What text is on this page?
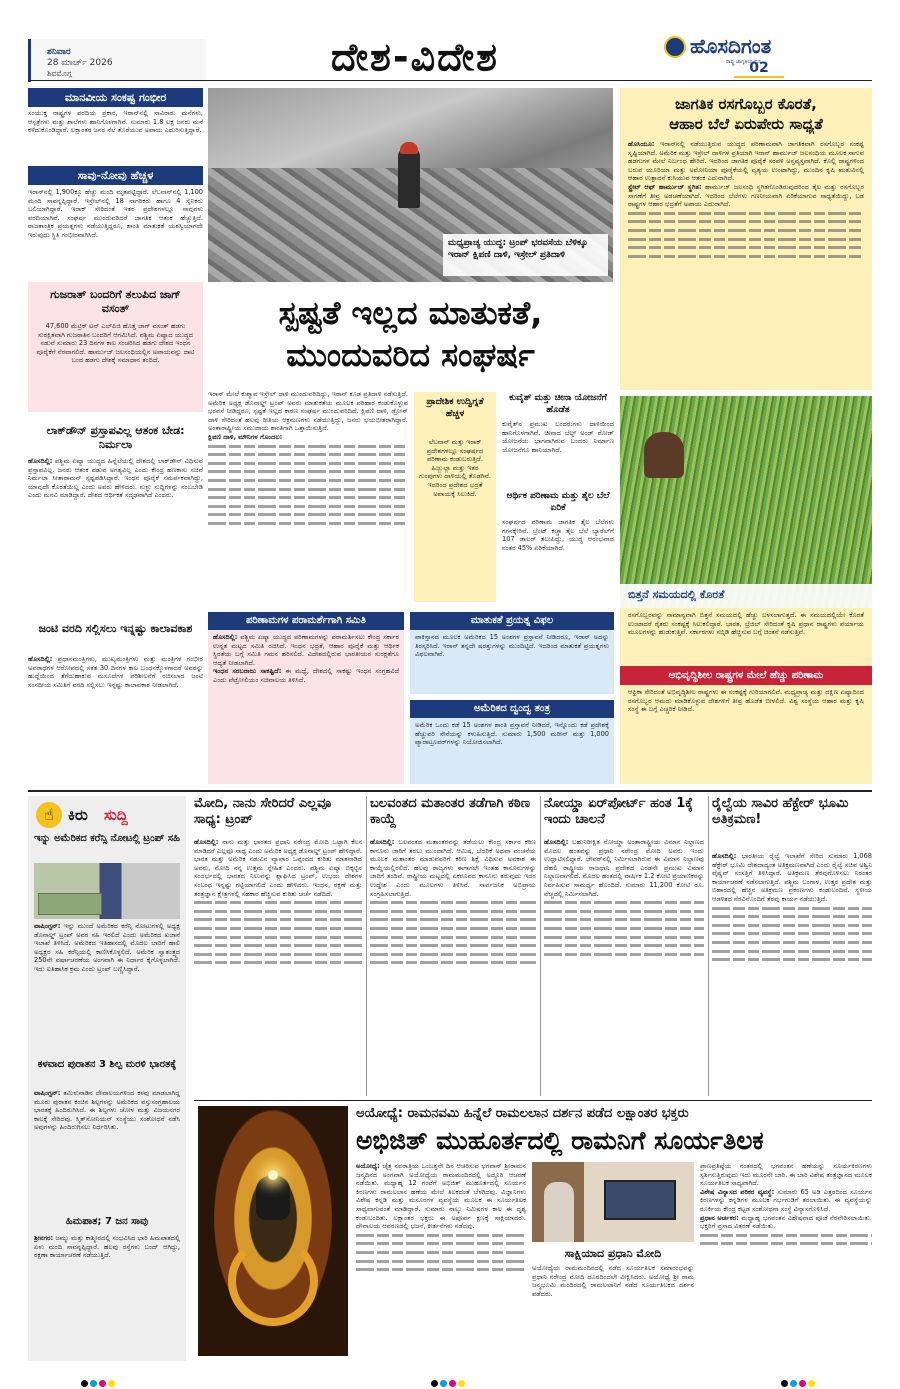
ಶನಿವಾರ
28 ಮಾರ್ಚ್ 2026
ಶಿವಮೊಗ್ಗ	ದೇಶ-ವಿದೇಶ	ಹೊಸದಿಗಂತ
ರಾಷ್ಟ್ರ ಜಾಗೃತಿಯ ಧ್ವನಿ
02
ಮಾನವೀಯ ಸಂಕಷ್ಟ ಗಂಭೀರ
ಸಂಯುಕ್ತ ರಾಷ್ಟ್ರಗಳ ವರದಿಯ ಪ್ರಕಾರ, ಇರಾನ್‌ನಲ್ಲಿ ಸಾವಿರಾರು ಮನೆಗಳು, ಆಸ್ಪತ್ರೆಗಳು ಮತ್ತು ಶಾಲೆಗಳು ಹಾನಿಗೊಳಗಾಗಿವೆ. ಸುಮಾರು 1.8 ಲಕ್ಷ ಜನರು ಮನೆ ಕಳೆದುಕೊಂಡಿದ್ದಾರೆ. ಲಕ್ಷಾಂತರ ಜನರ ನೆಲೆ ತೊರೆಯುವ ಅಪಾಯ ಎದುರಿಸುತ್ತಿದ್ದಾರೆ.
ಸಾವು-ನೋವು ಹೆಚ್ಚಳ
ಇರಾನ್‌ನಲ್ಲಿ 1,900ಕ್ಕೂ ಹೆಚ್ಚು ಮಂದಿ ಮೃತಪಟ್ಟಿದ್ದಾರೆ. ಲೆಬನಾನ್‌ನಲ್ಲಿ 1,100 ಮಂದಿ ಸಾವನ್ನಪ್ಪಿದ್ದಾರೆ. ಇಸ್ರೇಲ್‌ನಲ್ಲಿ 18 ನಾಗರಿಕರು ಹಾಗೂ 4 ಸೈನಿಕರು ಬಲಿಯಾಗಿದ್ದಾರೆ. ಇರಾಕ್ ಸೇರಿದಂತೆ ಇತರ ಪ್ರದೇಶಗಳಲ್ಲೂ ಸಾವುಗಳು ವರದಿಯಾಗಿವೆ. ಸಂಘರ್ಷ ಮುಂದುವರಿದರೆ ಜಾಗತಿಕ ಆತಂಕ ಹೆಚ್ಚುತ್ತಿದೆ. ರಾಜತಾಂತ್ರಿಕ ಪ್ರಯತ್ನಗಳು ನಡೆಯುತ್ತಿದ್ದರೂ, ಶಾಂತಿ ಮಾತುಕತೆ ಯಶಸ್ವಿಯಾಗದೇ ಇರುವುದು ಸ್ಥಿತಿ ಗಂಭೀರವಾಗಿಸಿದೆ.
ಗುಜರಾತ್ ಬಂದರಿಗೆ ತಲುಪಿದ ಜಾಗ್ ವಸಂತ್
47,600 ಮೆಟ್ರಿಕ್ ಟನ್ ಎಲ್‌ಪಿಜಿ ಹೊತ್ತ ಜಾಗ್ ವಸಂತ್ ಹಡಗು ಸುರಕ್ಷಿತವಾಗಿ ಗುಜರಾತಿನ ಬಂದರಿಗೆ ಆಗಮಿಸಿದೆ. ಪಶ್ಚಿಮ ಏಷ್ಯಾದ ಯುದ್ಧದ ನಡುವೆ ಸುಮಾರು 23 ದಿನಗಳ ಕಾಲ ಸಂಚರಿಸಿದ ಹಡಗು ದೇಶದ ಇಂಧನ ಪೂರೈಕೆಗೆ ನೆರವಾಗಲಿದೆ. ಹಾರ್ಮುಜ್ ಜಲಸಂಧಿಯಲ್ಲಿನ ಅಪಾಯವನ್ನು ದಾಟಿ ಬಂದ ಹಡಗು ದೇಶಕ್ಕೆ ಸಮಾಧಾನ ತಂದಿದೆ.
ಲಾಕ್‌ಡೌನ್ ಪ್ರಸ್ತಾಪವಿಲ್ಲ ಆತಂಕ ಬೇಡ: ನಿರ್ಮಲಾ
ಹೊಸದಿಲ್ಲಿ: ಪಶ್ಚಿಮ ಏಷ್ಯಾ ಯುದ್ಧದ ಹಿನ್ನೆಲೆಯಲ್ಲಿ ದೇಶದಲ್ಲಿ ಲಾಕ್‌ಡೌನ್ ವಿಧಿಸುವ ಪ್ರಸ್ತಾಪವಿಲ್ಲ. ಜನರು ಆತಂಕ ಪಡುವ ಅಗತ್ಯವಿಲ್ಲ ಎಂದು ಕೇಂದ್ರ ಹಣಕಾಸು ಸಚಿವೆ ನಿರ್ಮಲಾ ಸೀತಾರಾಮನ್ ಸ್ಪಷ್ಟಪಡಿಸಿದ್ದಾರೆ. ಇಂಧನ ಪೂರೈಕೆ ಸಮರ್ಪಕವಾಗಿದ್ದು, ಯಾವುದೇ ಕೊರತೆಯಿಲ್ಲ ಎಂದು ಅವರು ಹೇಳಿದರು. ಸುಳ್ಳು ಸುದ್ದಿಗಳನ್ನು ನಂಬಬೇಡಿ ಎಂದು ಮನವಿ ಮಾಡಿದ್ದಾರೆ. ದೇಶದ ಆರ್ಥಿಕತೆ ಸದೃಢವಾಗಿದೆ ಎಂದರು.
ಜಂಟಿ ವರದಿ ಸಲ್ಲಿಸಲು ಇನ್ನಷ್ಟು ಕಾಲಾವಕಾಶ
ಹೊಸದಿಲ್ಲಿ: ಪ್ರಧಾನಮಂತ್ರಿಗಳು, ಮುಖ್ಯಮಂತ್ರಿಗಳು ಮತ್ತು ಮಂತ್ರಿಗಳ ಗಂಭೀರ ಅಪರಾಧಗಳ ಆರೋಪದಲ್ಲಿ ಸತತ 30 ದಿನಗಳ ಕಾಲ ಬಂಧನಕ್ಕೊಳಗಾದರೆ ಅವರನ್ನು ಹುದ್ದೆಯಿಂದ ತೆಗೆದುಹಾಕುವ ಮಸೂದೆಗಳ ಪರಿಶೀಲನೆಗೆ ರಚಿಸಲಾದ ಜಂಟಿ ಸಂಸದೀಯ ಸಮಿತಿಗೆ ವರದಿ ಸಲ್ಲಿಸಲು ಇನ್ನಷ್ಟು ಕಾಲಾವಕಾಶ ನೀಡಲಾಗಿದೆ.
ಮಧ್ಯಪ್ರಾಚ್ಯ ಯುದ್ಧ: ಟ್ರಂಪ್ ಭರವಸೆಯ ಬೆಳಿಕ್ಕೂ ಇರಾನ್ ಕ್ಷಿಪಣಿ ದಾಳಿ, ಇಸ್ರೇಲ್ ಪ್ರತಿದಾಳಿ
ಸ್ಪಷ್ಟತೆ ಇಲ್ಲದ ಮಾತುಕತೆ,
ಮುಂದುವರಿದ ಸಂಘರ್ಷ
ಇರಾನ್ ಮೇಲೆ ಕುಶ್ಮಾವ ಇಸ್ರೇಲ್ ದಾಳಿ ಮುಂದುವರಿದಿದ್ದು, ಇರಾನ್ ಕೂಡ ಪ್ರತಿದಾಳಿ ನಡೆಸುತ್ತಿದೆ. ಅಮೆರಿಕ ಅಧ್ಯಕ್ಷ ಡೊನಾಲ್ಡ್ ಟ್ರಂಪ್ ಅವರು ಮಾತುಕತೆಯ ಮೂಲಕ ಪರಿಹಾರ ಕಂಡುಕೊಳ್ಳುವ ಭರವಸೆ ನೀಡಿದ್ದರೂ, ಸ್ಪಷ್ಟತೆ ಇಲ್ಲದ ಕಾರಣ ಸಂಘರ್ಷ ಮುಂದುವರಿದಿದೆ. ಕ್ಷಿಪಣಿ ದಾಳಿ, ಡ್ರೋನ್ ದಾಳಿ ಸೇರಿದಂತೆ ಹಲವು ರೀತಿಯ ಆಕ್ರಮಣಗಳು ನಡೆಯುತ್ತಿದ್ದು, ಜನರು ಭಯಭೀತರಾಗಿದ್ದಾರೆ. ಅಂತಾರಾಷ್ಟ್ರೀಯ ಸಮುದಾಯ ಶಾಂತಿಗಾಗಿ ಒತ್ತಾಯಿಸುತ್ತಿದೆ.
ಕ್ಷಿಪಣಿ ದಾಳಿ, ಮೌನಿಗಳ ಗೊಂದಲ:
ಪ್ರಾದೇಶಿಕ ಉದ್ವಿಗ್ನತೆ ಹೆಚ್ಚಳ
ಲೆಬನಾನ್ ಮತ್ತು ಇರಾಕ್ ಪ್ರದೇಶಗಳಲ್ಲೂ ಸಂಘರ್ಷದ ಪರಿಣಾಮ ಕಂಡುಬರುತ್ತಿದೆ. ಹಿಜ್ಬುಲ್ಲಾ ಮತ್ತು ಇತರ ಗುಂಪುಗಳು ದಾಳಿಯಲ್ಲಿ ತೊಡಗಿವೆ. ಇದರಿಂದ ಪ್ರದೇಶದ ಭದ್ರತೆ ಅಪಾಯಕ್ಕೆ ಸಿಲುಕಿದೆ.
ಕುವೈತ್ ಮತ್ತು ಚೀನಾ ಯೋಜನೆಗೆ ಹೊಡೆತ
ಕುವೈತ್‌ನ ಪ್ರಮುಖ ಬಂದರುಗಳು ದಾಳಿಯಿಂದ ಹಾನಿಗೊಳಗಾಗಿವೆ. ಚೀನಾದ ಬೆಲ್ಟ್ ಅಂಡ್ ರೋಡ್ ಯೋಜನೆಯ ಭಾಗವಾಗಿರುವ ಬಂದರು ನಿರ್ಮಾಣ ಯೋಜನೆಗೂ ಹಾನಿಯಾಗಿದೆ.
ಆರ್ಥಿಕ ಪರಿಣಾಮ ಮತ್ತು ತೈಲ ಬೆಲೆ ಏರಿಕೆ
ಸಂಘರ್ಷದ ಪರಿಣಾಮ ಜಾಗತಿಕ ತೈಲ ಬೆಲೆಗಳು ಗಗನಕ್ಕೇರಿವೆ. ಬ್ರೆಂಟ್ ಕಚ್ಚಾ ತೈಲ ಬೆಲೆ ಬ್ಯಾರೆಲ್‌ಗೆ 107 ಡಾಲರ್ ತಲುಪಿದ್ದು, ಯುದ್ಧ ಆರಂಭವಾದ ನಂತರ 45% ಏರಿಕೆಯಾಗಿದೆ.
ಪರಿಣಾಮಗಳ ಪರಾಮರ್ಶೆಗಾಗಿ ಸಮಿತಿ
ಹೊಸದಿಲ್ಲಿ: ಪಶ್ಚಿಮ ಏಷ್ಯಾ ಯುದ್ಧದ ಪರಿಣಾಮಗಳನ್ನು ಪರಾಮರ್ಶಿಸಲು ಕೇಂದ್ರ ಸರ್ಕಾರ ಉನ್ನತ ಮಟ್ಟದ ಸಮಿತಿ ರಚಿಸಿದೆ. ಇಂಧನ ಭದ್ರತೆ, ಆಹಾರ ಪೂರೈಕೆ ಮತ್ತು ಆರ್ಥಿಕ ಸ್ಥಿರತೆಯ ಬಗ್ಗೆ ಸಮಿತಿ ಗಮನ ಹರಿಸಲಿದೆ. ವಿದೇಶದಲ್ಲಿರುವ ಭಾರತೀಯರ ಸುರಕ್ಷತೆಗೂ ಆದ್ಯತೆ ನೀಡಲಾಗಿದೆ.
ಇಂಧನ ಸರಬರಾಜು ಸಾಕಷ್ಟಿದೆ: ಈ ಮಧ್ಯೆ, ದೇಶದಲ್ಲಿ ಸಾಕಷ್ಟು ಇಂಧನ ಸಂಗ್ರಹವಿದೆ ಎಂದು ಪೆಟ್ರೋಲಿಯಂ ಸಚಿವಾಲಯ ತಿಳಿಸಿದೆ.
ಮಾತುಕತೆ ಪ್ರಯತ್ನ ವಿಫಲ
ಪಾಕಿಸ್ತಾನದ ಮೂಲಕ ಅಮೆರಿಕದ 15 ಅಂಶಗಳ ಪ್ರಸ್ತಾವನೆ ನೀಡಿದರೂ, ಇರಾನ್ ಅದನ್ನು ತಿರಸ್ಕರಿಸಿದೆ. ಇರಾನ್ ತನ್ನದೇ ಷರತ್ತುಗಳನ್ನು ಮುಂದಿಟ್ಟಿದೆ. ಇದರಿಂದ ಮಾತುಕತೆ ಪ್ರಯತ್ನಗಳು ವಿಫಲವಾಗಿವೆ.
ಅಮೆರಿಕದ ದ್ವಂದ್ವ ತಂತ್ರ
ಅಮೆರಿಕ ಒಂದು ಕಡೆ 15 ಅಂಶಗಳ ಶಾಂತಿ ಪ್ರಸ್ತಾವನೆ ನೀಡಿದರೆ, ಇನ್ನೊಂದು ಕಡೆ ಪ್ರದೇಶಕ್ಕೆ ಹೆಚ್ಚುವರಿ ಸೇನೆಯನ್ನು ಕಳುಹಿಸುತ್ತಿದೆ. ಸುಮಾರು 1,500 ಮರೀನ್ ಮತ್ತು 1,000 ಪ್ಯಾರಾಟ್ರೂಪರ್‌ಗಳನ್ನು ನಿಯೋಜಿಸಲಾಗಿದೆ.
ಜಾಗತಿಕ ರಸಗೊಬ್ಬರ ಕೊರತೆ,
ಆಹಾರ ಬೆಲೆ ಏರುಪೇರು ಸಾಧ್ಯತೆ
ಹೊಸಿಯೂ: ಇರಾನ್‌ನಲ್ಲಿ ನಡೆಯುತ್ತಿರುವ ಯುದ್ಧದ ಪರಿಣಾಮವಾಗಿ ಜಾಗತಿಕವಾಗಿ ರಸಗೊಬ್ಬರ ಸಂಕಷ್ಟ ಸೃಷ್ಟಿಯಾಗಿದೆ. ಅಮೆರಿಕ ಮತ್ತು ಇಸ್ರೇಲ್ ದಾಳಿಗಳ ಪ್ರತಿಯಾಗಿ ಇರಾನ್ ಹಾರ್ಮುಜ್ ಜಲಸಂಧಿಯ ಮೂಲಕ ಸಾಗುವ ಹಡಗುಗಳ ಮೇಲೆ ನಿರ್ಬಂಧ ಹೇರಿದೆ. ಇದರಿಂದ ಜಾಗತಿಕ ಪೂರೈಕೆ ಸರಪಳಿ ಅಸ್ತವ್ಯಸ್ತವಾಗಿದೆ. ಕೊಲ್ಲಿ ರಾಷ್ಟ್ರಗಳಿಂದ ಬರುವ ಯೂರಿಯಾ ಮತ್ತು ಅಮೋನಿಯಾ ಪೂರೈಕೆಯಲ್ಲಿ ವ್ಯತ್ಯಯ ಉಂಟಾಗಿದ್ದು, ಮುಂದಿನ ಕೃಷಿ ಋತುವಿನಲ್ಲಿ ಆಹಾರ ಉತ್ಪಾದನೆ ಕುಸಿಯುವ ಆತಂಕ ಎದುರಾಗಿದೆ.
ಸ್ಟ್ರೇಟ್ ಆಫ್ ಹಾರ್ಮುಜ್ ಸ್ಥಗಿತ: ಹಾರ್ಮುಜ್ ಜಲಸಂಧಿ ಸ್ಥಗಿತಗೊಂಡಿರುವುದರಿಂದ ತೈಲ ಮತ್ತು ರಸಗೊಬ್ಬರ ಸಾಗಣೆಗೆ ತೀವ್ರ ಅಡಚಣೆಯಾಗಿದೆ. ಇದರಿಂದ ಬೆಲೆಗಳು ಗಣನೀಯವಾಗಿ ಏರಿಕೆಯಾಗುವ ಸಾಧ್ಯತೆಯಿದ್ದು, ಬಡ ರಾಷ್ಟ್ರಗಳ ಆಹಾರ ಭದ್ರತೆಗೆ ಅಪಾಯ ಎದುರಾಗಿದೆ.
ಬಿತ್ತನೆ ಸಮಯದಲ್ಲಿ ಕೊರತೆ
ರಸಗೊಬ್ಬರವನ್ನು ಸಾಮಾನ್ಯವಾಗಿ ಬಿತ್ತನೆ ಸಮಯದಲ್ಲಿ ಹೆಚ್ಚು ಬಳಸಲಾಗುತ್ತದೆ. ಈ ಸಮಯದಲ್ಲಿಯೇ ಕೊರತೆ ಉಂಟಾದರೆ ರೈತರು ಸಂಕಷ್ಟಕ್ಕೆ ಸಿಲುಕಲಿದ್ದಾರೆ. ಭಾರತ, ಬ್ರೆಜಿಲ್ ಸೇರಿದಂತೆ ಕೃಷಿ ಪ್ರಧಾನ ರಾಷ್ಟ್ರಗಳು ಪರ್ಯಾಯ ಮೂಲಗಳನ್ನು ಹುಡುಕುತ್ತಿವೆ. ಸರ್ಕಾರಗಳು ಸಬ್ಸಿಡಿ ಹೆಚ್ಚಿಸುವ ಬಗ್ಗೆ ಚಿಂತನೆ ನಡೆಸುತ್ತಿವೆ.
ಅಭಿವೃದ್ಧಿಶೀಲ ರಾಷ್ಟ್ರಗಳ ಮೇಲೆ ಹೆಚ್ಚು ಪರಿಣಾಮ
ಆಫ್ರಿಕಾ ಸೇರಿದಂತೆ ಅಭಿವೃದ್ಧಿಶೀಲ ರಾಷ್ಟ್ರಗಳು ಈ ಸಂಕಷ್ಟಕ್ಕೆ ಗುರಿಯಾಗಲಿವೆ. ಮಧ್ಯಪ್ರಾಚ್ಯ ಮತ್ತು ದಕ್ಷಿಣ ಏಷ್ಯಾದಿಂದ ರಸಗೊಬ್ಬರ ಆಮದು ಮಾಡಿಕೊಳ್ಳುವ ದೇಶಗಳಿಗೆ ತೀವ್ರ ಹೊಡೆತ ಬೀಳಲಿದೆ. ವಿಶ್ವ ಸಂಸ್ಥೆಯ ಆಹಾರ ಮತ್ತು ಕೃಷಿ ಸಂಸ್ಥೆ ಈ ಬಗ್ಗೆ ಎಚ್ಚರಿಕೆ ನೀಡಿದೆ.
☝ ಕಿರು ಸುದ್ದಿ
ಇನ್ನು ಅಮೆರಿಕದ ಕರೆನ್ಸಿ ನೋಟಲ್ಲಿ ಟ್ರಂಪ್ ಸಹಿ
ವಾಷಿಂಗ್ಟನ್: ಇನ್ನು ಮುಂದೆ ಅಮೆರಿಕದ ಕರೆನ್ಸಿ ನೋಟುಗಳಲ್ಲಿ ಅಧ್ಯಕ್ಷ ಡೊನಾಲ್ಡ್ ಟ್ರಂಪ್ ಅವರ ಸಹಿ ಇರಲಿದೆ ಎಂದು ಅಮೆರಿಕದ ಖಜಾನೆ ಇಲಾಖೆ ತಿಳಿಸಿದೆ. ಅಮೆರಿಕದ ಇತಿಹಾಸದಲ್ಲಿ ಮೊದಲ ಬಾರಿಗೆ ಹಾಲಿ ಅಧ್ಯಕ್ಷರ ಸಹಿ ಕರೆನ್ಸಿಯಲ್ಲಿ ಕಾಣಿಸಿಕೊಳ್ಳಲಿದೆ. ಅಮೆರಿಕ ಸ್ವಾತಂತ್ರ್ಯದ 250ನೇ ವರ್ಷಾಚರಣೆಯ ಅಂಗವಾಗಿ ಈ ನಿರ್ಧಾರ ಕೈಗೊಳ್ಳಲಾಗಿದೆ. ಇದು ಐತಿಹಾಸಿಕ ಕ್ರಮ ಎಂದು ಟ್ರಂಪ್ ಬಣ್ಣಿಸಿದ್ದಾರೆ.
ಕಳವಾದ ಪುರಾತನ 3 ಶಿಲ್ಪ ಮರಳಿ ಭಾರತಕ್ಕೆ
ವಾಷಿಂಗ್ಟನ್: ತಮಿಳುನಾಡಿನ ದೇವಾಲಯಗಳಿಂದ ಕಳವು ಮಾಡಲಾಗಿದ್ದ ಮೂರು ಪುರಾತನ ಕಂಚಿನ ಶಿಲ್ಪಗಳನ್ನು ಅಮೆರಿಕದ ವಸ್ತುಸಂಗ್ರಹಾಲಯ ಭಾರತಕ್ಕೆ ಹಿಂದಿರುಗಿಸಿದೆ. ಈ ಶಿಲ್ಪಗಳು ಚೋಳ ಮತ್ತು ವಿಜಯನಗರ ಕಾಲಕ್ಕೆ ಸೇರಿದವು. ಸ್ಮಿತ್‌ಸೋನಿಯನ್ ಸಂಸ್ಥೆಯು ಸಂಶೋಧನೆ ನಡೆಸಿ ಅವುಗಳನ್ನು ಹಿಂದಿರುಗಿಸಲು ನಿರ್ಧರಿಸಿತು.
ಹಿಮಪಾತ; 7 ಜನ ಸಾವು
ಶ್ರೀನಗರ: ಜಮ್ಮು ಮತ್ತು ಕಾಶ್ಮೀರದಲ್ಲಿ ಸಂಭವಿಸಿದ ಭಾರಿ ಹಿಮಪಾತದಲ್ಲಿ ಏಳು ಮಂದಿ ಸಾವನ್ನಪ್ಪಿದ್ದಾರೆ. ಹಲವು ರಸ್ತೆಗಳು ಬಂದ್ ಆಗಿದ್ದು, ರಕ್ಷಣಾ ಕಾರ್ಯಾಚರಣೆ ನಡೆಯುತ್ತಿದೆ.
ಮೋದಿ, ನಾನು ಸೇರಿದರೆ ಎಲ್ಲವೂ ಸಾಧ್ಯ: ಟ್ರಂಪ್
ಹೊಸದಿಲ್ಲಿ: ನಾನು ಮತ್ತು ಭಾರತದ ಪ್ರಧಾನಿ ನರೇಂದ್ರ ಮೋದಿ ಒಟ್ಟಾಗಿ ಕೆಲಸ ಮಾಡಿದರೆ ಎಲ್ಲವೂ ಸಾಧ್ಯ ಎಂದು ಅಮೆರಿಕ ಅಧ್ಯಕ್ಷ ಡೊನಾಲ್ಡ್ ಟ್ರಂಪ್ ಹೇಳಿದ್ದಾರೆ. ಭಾರತ ಮತ್ತು ಅಮೆರಿಕ ನಡುವಿನ ವ್ಯಾಪಾರ ಒಪ್ಪಂದದ ಕುರಿತು ಮಾತನಾಡಿದ ಅವರು, ಮೋದಿ ನನ್ನ ಉತ್ತಮ ಸ್ನೇಹಿತ ಎಂದರು. ಪಶ್ಚಿಮ ಏಷ್ಯಾ ಬಿಕ್ಕಟ್ಟಿನ ಸಂದರ್ಭದಲ್ಲಿ ಭಾರತದ ನಿಲುವನ್ನು ಶ್ಲಾಘಿಸಿದ ಟ್ರಂಪ್, ಉಭಯ ದೇಶಗಳ ಸಂಬಂಧ ಇನ್ನಷ್ಟು ಗಟ್ಟಿಯಾಗಲಿದೆ ಎಂದು ಹೇಳಿದರು. ಇಂಧನ, ರಕ್ಷಣೆ ಮತ್ತು ತಂತ್ರಜ್ಞಾನ ಕ್ಷೇತ್ರಗಳಲ್ಲಿ ಸಹಕಾರ ಹೆಚ್ಚಿಸುವ ಕುರಿತು ಚರ್ಚೆ ನಡೆದಿದೆ.
ಬಲವಂತದ ಮತಾಂತರ ತಡೆಗಾಗಿ ಕಠಿಣ ಕಾಯ್ದೆ
ಹೊಸದಿಲ್ಲಿ: ಬಲವಂತದ ಮತಾಂತರವನ್ನು ತಡೆಯಲು ಕೇಂದ್ರ ಸರ್ಕಾರ ಕಠಿಣ ಕಾನೂನು ಜಾರಿಗೆ ತರಲು ಮುಂದಾಗಿದೆ. ಆಮಿಷ, ಬೆದರಿಕೆ ಅಥವಾ ವಂಚನೆಯ ಮೂಲಕ ಮತಾಂತರ ಮಾಡುವವರಿಗೆ ಕಠಿಣ ಶಿಕ್ಷೆ ವಿಧಿಸುವ ಅವಕಾಶ ಈ ಕಾಯ್ದೆಯಲ್ಲಿರಲಿದೆ. ಹಲವು ರಾಜ್ಯಗಳು ಈಗಾಗಲೇ ಇಂತಹ ಕಾನೂನುಗಳನ್ನು ಜಾರಿಗೆ ತಂದಿವೆ. ರಾಷ್ಟ್ರೀಯ ಮಟ್ಟದಲ್ಲಿ ಏಕರೂಪದ ಕಾನೂನು ತರುವುದು ಇದರ ಉದ್ದೇಶ ಎಂದು ಮೂಲಗಳು ತಿಳಿಸಿವೆ. ಸಾರ್ವಜನಿಕ ಅಭಿಪ್ರಾಯ ಸಂಗ್ರಹಿಸಲಾಗುತ್ತಿದೆ.
ನೋಯ್ಡಾ ಏರ್‌ಪೋರ್ಟ್ ಹಂತ 1ಕ್ಕೆ ಇಂದು ಚಾಲನೆ
ಹೊಸದಿಲ್ಲಿ: ಬಹುನಿರೀಕ್ಷಿತ ನೋಯ್ಡಾ ಅಂತಾರಾಷ್ಟ್ರೀಯ ವಿಮಾನ ನಿಲ್ದಾಣದ ಮೊದಲ ಹಂತವನ್ನು ಪ್ರಧಾನಿ ನರೇಂದ್ರ ಮೋದಿ ಅವರು ಇಂದು ಉದ್ಘಾಟಿಸಲಿದ್ದಾರೆ. ಜೇವರ್‌ನಲ್ಲಿ ನಿರ್ಮಿಸಲಾಗಿರುವ ಈ ವಿಮಾನ ನಿಲ್ದಾಣವು ದೆಹಲಿ ರಾಷ್ಟ್ರೀಯ ರಾಜಧಾನಿ ಪ್ರದೇಶದ ಎರಡನೇ ಪ್ರಮುಖ ವಿಮಾನ ನಿಲ್ದಾಣವಾಗಲಿದೆ. ಮೊದಲ ಹಂತದಲ್ಲಿ ವಾರ್ಷಿಕ 1.2 ಕೋಟಿ ಪ್ರಯಾಣಿಕರನ್ನು ನಿರ್ವಹಿಸುವ ಸಾಮರ್ಥ್ಯ ಹೊಂದಿದೆ. ಸುಮಾರು 11,200 ಕೋಟಿ ರೂ. ವೆಚ್ಚದಲ್ಲಿ ನಿರ್ಮಿಸಲಾಗಿದೆ.
ರೈಲ್ವೆಯ ಸಾವಿರ ಹೆಕ್ಟೇರ್ ಭೂಮಿ ಅತಿಕ್ರಮಣ!
ಹೊಸದಿಲ್ಲಿ: ಭಾರತೀಯ ರೈಲ್ವೆ ಇಲಾಖೆಗೆ ಸೇರಿದ ಸುಮಾರು 1,068 ಹೆಕ್ಟೇರ್ ಭೂಮಿ ದೇಶದಾದ್ಯಂತ ಅತಿಕ್ರಮಣವಾಗಿದೆ ಎಂದು ರೈಲ್ವೆ ಸಚಿವ ಅಶ್ವಿನಿ ವೈಷ್ಣವ್ ಸಂಸತ್ತಿಗೆ ತಿಳಿಸಿದ್ದಾರೆ. ಅತಿಕ್ರಮಣ ತೆರವುಗೊಳಿಸಲು ನಿರಂತರ ಕಾರ್ಯಾಚರಣೆ ನಡೆಸಲಾಗುತ್ತಿದೆ. ಪಶ್ಚಿಮ ಬಂಗಾಳ, ಉತ್ತರ ಪ್ರದೇಶ ಮತ್ತು ಬಿಹಾರದಲ್ಲಿ ಹೆಚ್ಚಿನ ಅತಿಕ್ರಮಣ ಪ್ರಕರಣಗಳು ಕಂಡುಬಂದಿವೆ. ಸ್ಥಳೀಯ ಆಡಳಿತದ ನೆರವಿನೊಂದಿಗೆ ತೆರವು ಕಾರ್ಯ ನಡೆಯುತ್ತಿದೆ.
ಅಯೋಧ್ಯೆ: ರಾಮನವಮಿ ಹಿನ್ನೆಲೆ ರಾಮಲಲಾನ ದರ್ಶನ ಪಡೆದ ಲಕ್ಷಾಂತರ ಭಕ್ತರು
ಅಭಿಜಿತ್ ಮುಹೂರ್ತದಲ್ಲಿ ರಾಮನಿಗೆ ಸೂರ್ಯತಿಲಕ
ಅಯೋಧ್ಯೆ: ಚೈತ್ರ ನವರಾತ್ರಿಯ ಒಂಬತ್ತನೇ ದಿನ ಆಚರಿಸುವ ಭಗವಾನ್ ಶ್ರೀರಾಮನ ಜನ್ಮದಿನದ ಅಂಗವಾಗಿ ಅಯೋಧ್ಯೆಯ ರಾಮಮಂದಿರದಲ್ಲಿ ಅದ್ದೂರಿ ಆಚರಣೆ ನಡೆಯಿತು. ಮಧ್ಯಾಹ್ನ 12 ಗಂಟೆಗೆ ಅಭಿಜಿತ್ ಮುಹೂರ್ತದಲ್ಲಿ ಸೂರ್ಯನ ಕಿರಣಗಳು ರಾಮಲಲಾನ ಹಣೆಯ ಮೇಲೆ ತಿಲಕದಂತೆ ಬೆಳಗಿದವು. ವಿಜ್ಞಾನಿಗಳು ವಿಶೇಷ ಕನ್ನಡಿ ಮತ್ತು ಮಸೂರಗಳ ವ್ಯವಸ್ಥೆಯ ಮೂಲಕ ಈ ಸೂರ್ಯತಿಲಕ ಸಾಧ್ಯವಾಗುವಂತೆ ಮಾಡಿದ್ದಾರೆ. ಸುಮಾರು ನಾಲ್ಕು ನಿಮಿಷಗಳ ಕಾಲ ಈ ದೃಶ್ಯ ಕಂಡುಬಂದಿತು. ಲಕ್ಷಾಂತರ ಭಕ್ತರು ಈ ಅಪೂರ್ವ ಕ್ಷಣಕ್ಕೆ ಸಾಕ್ಷಿಯಾದರು. ದೇವಾಲಯ ಆವರಣದಲ್ಲಿ ಭಜನೆ, ಕೀರ್ತನೆಗಳು ನಡೆದವು.
ಸಾಕ್ಷಿಯಾದ ಪ್ರಧಾನಿ ಮೋದಿ
ಅಯೋಧ್ಯೆಯ ರಾಮಮಂದಿರದಲ್ಲಿ ನಡೆದ ಸೂರ್ಯತಿಲಕ ಸಮಾರಂಭವನ್ನು ಪ್ರಧಾನಿ ನರೇಂದ್ರ ಮೋದಿ ದೂರದಿಂದಲೇ ವೀಕ್ಷಿಸಿದರು. ಅಯೋಧ್ಯೆ ಶ್ರೀ ರಾಮ ಜನ್ಮಭೂಮಿ ಮಂದಿರದಲ್ಲಿ ರಾಮಲಲಾನಿಗೆ ನಡೆದ ಸೂರ್ಯತಿಲಕದ ದರ್ಶನ ಪಡೆದರು.
ಪ್ರಾಣಪ್ರತಿಷ್ಠೆಯ ನಂತರದಲ್ಲಿ ಭಗವಂತನ ಹಣೆಯನ್ನು ಸೂರ್ಯಕಿರಣಗಳು ಸ್ಪರ್ಶಿಸುತ್ತಿರುವುದು ಇದು ಮೂರನೇ ಬಾರಿ. ಈ ಬಾರಿ ವಿಶೇಷ ತಂತ್ರಜ್ಞಾನದ ಮೂಲಕ ಸೂರ್ಯತಿಲಕ ಸಾಧ್ಯವಾಗಿದೆ.
ವಿಶೇಷ ವಿನ್ಯಾಸದ ಪರಿಕರ ವ್ಯವಸ್ಥೆ: ಸುಮಾರು 65 ಅಡಿ ಎತ್ತರದಿಂದ ಸೂರ್ಯನ ಕಿರಣಗಳನ್ನು ಕನ್ನಡಿಗಳ ಮೂಲಕ ಗರ್ಭಗುಡಿಗೆ ತರಲಾಯಿತು. ಈ ವ್ಯವಸ್ಥೆಯನ್ನು ರೂರ್ಕಿಯ ಕೇಂದ್ರ ಕಟ್ಟಡ ಸಂಶೋಧನಾ ಸಂಸ್ಥೆ ವಿನ್ಯಾಸಗೊಳಿಸಿದೆ.
ಪ್ರಧಾನ ಅರ್ಚಕರ: ಮಧ್ಯಾಹ್ನ ಭಗವಂತನ ವಿಶೇಷವಾದ ಪೂಜೆ ನೆರವೇರಿಸಲಾಯಿತು. ಭಕ್ತರಿಗೆ ಪ್ರಸಾದ ವಿತರಣೆ ನಡೆಯಿತು.
